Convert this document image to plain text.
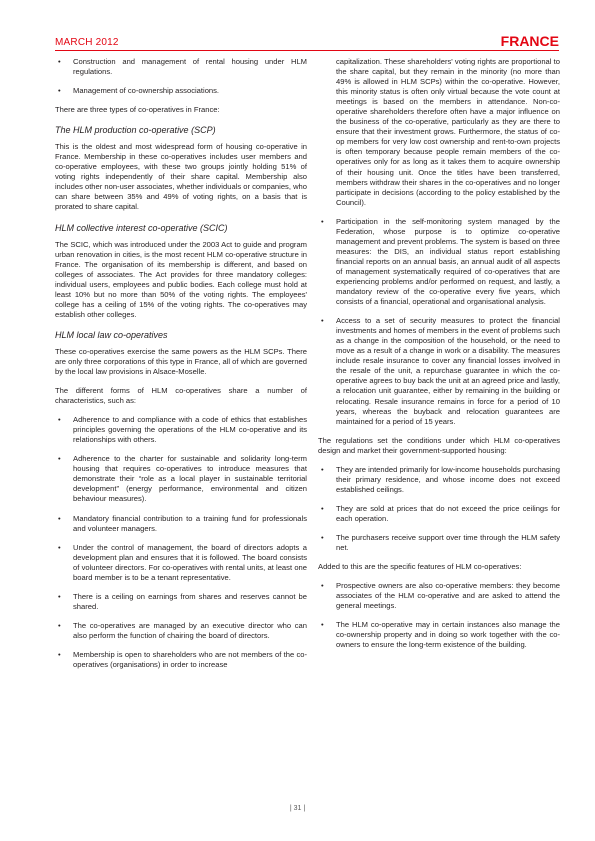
MARCH 2012	FRANCE
• Construction and management of rental housing under HLM regulations.
• Management of co-ownership associations.

There are three types of co-operatives in France:

The HLM production co-operative (SCP)

This is the oldest and most widespread form of housing co-operative in France. Membership in these co-operatives includes user members and co-operative employees, with these two groups jointly holding 51% of voting rights independently of their share capital. Membership also includes other non-user associates, whether individuals or companies, who can share between 35% and 49% of voting rights, on a basis that is prorated to share capital.

HLM collective interest co-operative (SCIC)

The SCIC, which was introduced under the 2003 Act to guide and program urban renovation in cities, is the most recent HLM co-operative structure in France. The organisation of its membership is different, and based on colleges of associates. The Act provides for three mandatory colleges: individual users, employees and public bodies. Each college must hold at least 10% but no more than 50% of the voting rights. The employees' college has a ceiling of 15% of the voting rights. The co-operatives may establish other colleges.

HLM local law co-operatives

These co-operatives exercise the same powers as the HLM SCPs. There are only three corporations of this type in France, all of which are governed by the local law provisions in Alsace-Moselle.

The different forms of HLM co-operatives share a number of characteristics, such as:

• Adherence to and compliance with a code of ethics that establishes principles governing the operations of the HLM co-operative and its relationships with others.
• Adherence to the charter for sustainable and solidarity long-term housing that requires co-operatives to introduce measures that demonstrate their “role as a local player in sustainable territorial development” (energy performance, environmental and citizen behaviour measures).
• Mandatory financial contribution to a training fund for professionals and volunteer managers.
• Under the control of management, the board of directors adopts a development plan and ensures that it is followed. The board consists of volunteer directors. For co-operatives with rental units, at least one board member is to be a tenant representative.
• There is a ceiling on earnings from shares and reserves cannot be shared.
• The co-operatives are managed by an executive director who can also perform the function of chairing the board of directors.
• Membership is open to shareholders who are not members of the co-operatives (organisations) in order to increase
capitalization. These shareholders' voting rights are proportional to the share capital, but they remain in the minority (no more than 49% is allowed in HLM SCPs) within the co-operative. However, this minority status is often only virtual because the vote count at meetings is based on the members in attendance. Non-co-operative shareholders therefore often have a major influence on the business of the co-operative, particularly as they are there to ensure that their investment grows. Furthermore, the status of co-op members for very low cost ownership and rent-to-own projects is often temporary because people remain members of the co-operatives only for as long as it takes them to acquire ownership of their housing unit. Once the titles have been transferred, members withdraw their shares in the co-operatives and no longer participate in decisions (according to the policy established by the Council).
• Participation in the self-monitoring system managed by the Federation, whose purpose is to optimize co-operative management and prevent problems. The system is based on three measures: the DIS, an individual status report establishing financial reports on an annual basis, an annual audit of all aspects of management systematically required of co-operatives that are experiencing problems and/or performed on request, and lastly, a mandatory review of the co-operative every five years, which consists of a financial, operational and organisational analysis.
• Access to a set of security measures to protect the financial investments and homes of members in the event of problems such as a change in the composition of the household, or the need to move as a result of a change in work or a disability. The measures include resale insurance to cover any financial losses involved in the resale of the unit, a repurchase guarantee in which the co-operative agrees to buy back the unit at an agreed price and lastly, a relocation unit guarantee, either by remaining in the building or relocating. Resale insurance remains in force for a period of 10 years, whereas the buyback and relocation guarantees are maintained for a period of 15 years.

The regulations set the conditions under which HLM co-operatives design and market their government-supported housing:

• They are intended primarily for low-income households purchasing their primary residence, and whose income does not exceed established ceilings.
• They are sold at prices that do not exceed the price ceilings for each operation.
• The purchasers receive support over time through the HLM safety net.

Added to this are the specific features of HLM co-operatives:

• Prospective owners are also co-operative members: they become associates of the HLM co-operative and are asked to attend the general meetings.
• The HLM co-operative may in certain instances also manage the co-ownership property and in doing so work together with the co-owners to ensure the long-term existence of the building.
| 31 |
